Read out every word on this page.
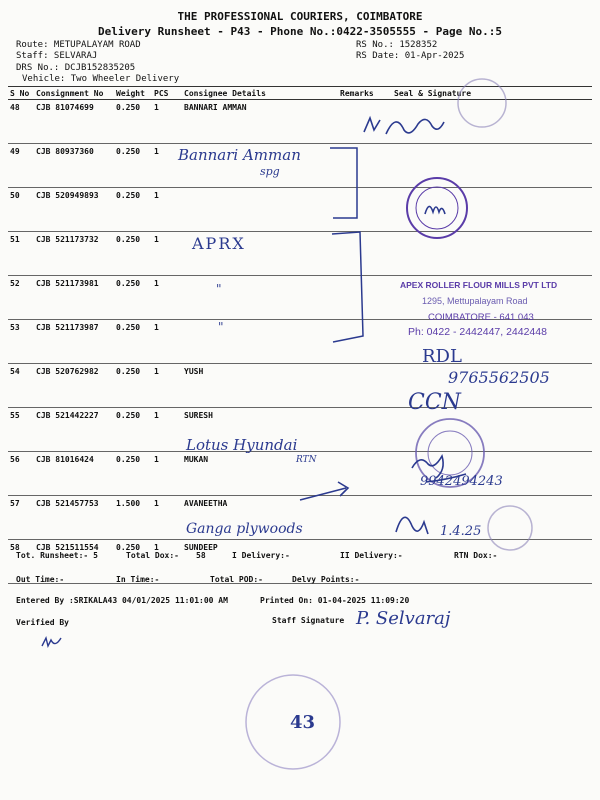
THE PROFESSIONAL COURIERS, COIMBATORE
Delivery Runsheet - P43 - Phone No.:0422-3505555 - Page No.:5
Route: METUPALAYAM ROAD
Staff: SELVARAJ
DRS No.: DCJB152835205
Vehicle: Two Wheeler Delivery
RS No.: 1528352
RS Date: 01-Apr-2025
S No	Consignment No	Weight	PCS	Consignee Details	Remarks	Seal & Signature
48	CJB 81074699	0.250	1	BANNARI AMMAN		
49	CJB 80937360	0.250	1			
50	CJB 520949893	0.250	1			
51	CJB 521173732	0.250	1			
52	CJB 521173981	0.250	1			
53	CJB 521173987	0.250	1			
54	CJB 520762982	0.250	1	YUSH		
55	CJB 521442227	0.250	1	SURESH		
56	CJB 81016424	0.250	1	MUKAN		
57	CJB 521457753	1.500	1	AVANEETHA		
58	CJB 521511554	0.250	1	SUNDEEP		
Tot. Runsheet:- 5	Total Dox:- 58	I Delivery:-	II Delivery:-	RTN Dox:-
Out Time:-	In Time:-	Total POD:-	Delvy Points:-
Entered By :SRIKALA43 04/01/2025 11:01:00 AM	Printed On: 01-04-2025 11:09:20
Verified By	Staff Signature
APEX ROLLER FLOUR MILLS PVT LTD
1295, Mettupalayam Road
COIMBATORE - 641 043
Ph: 0422 - 2442447, 2442448
Bannari Amman
spg
APRX
"
"
RDL
9765562505
CCN
Lotus Hyundai
RTN
9942494243
Ganga plywoods	1.4.25
P. Selvaraj
43
